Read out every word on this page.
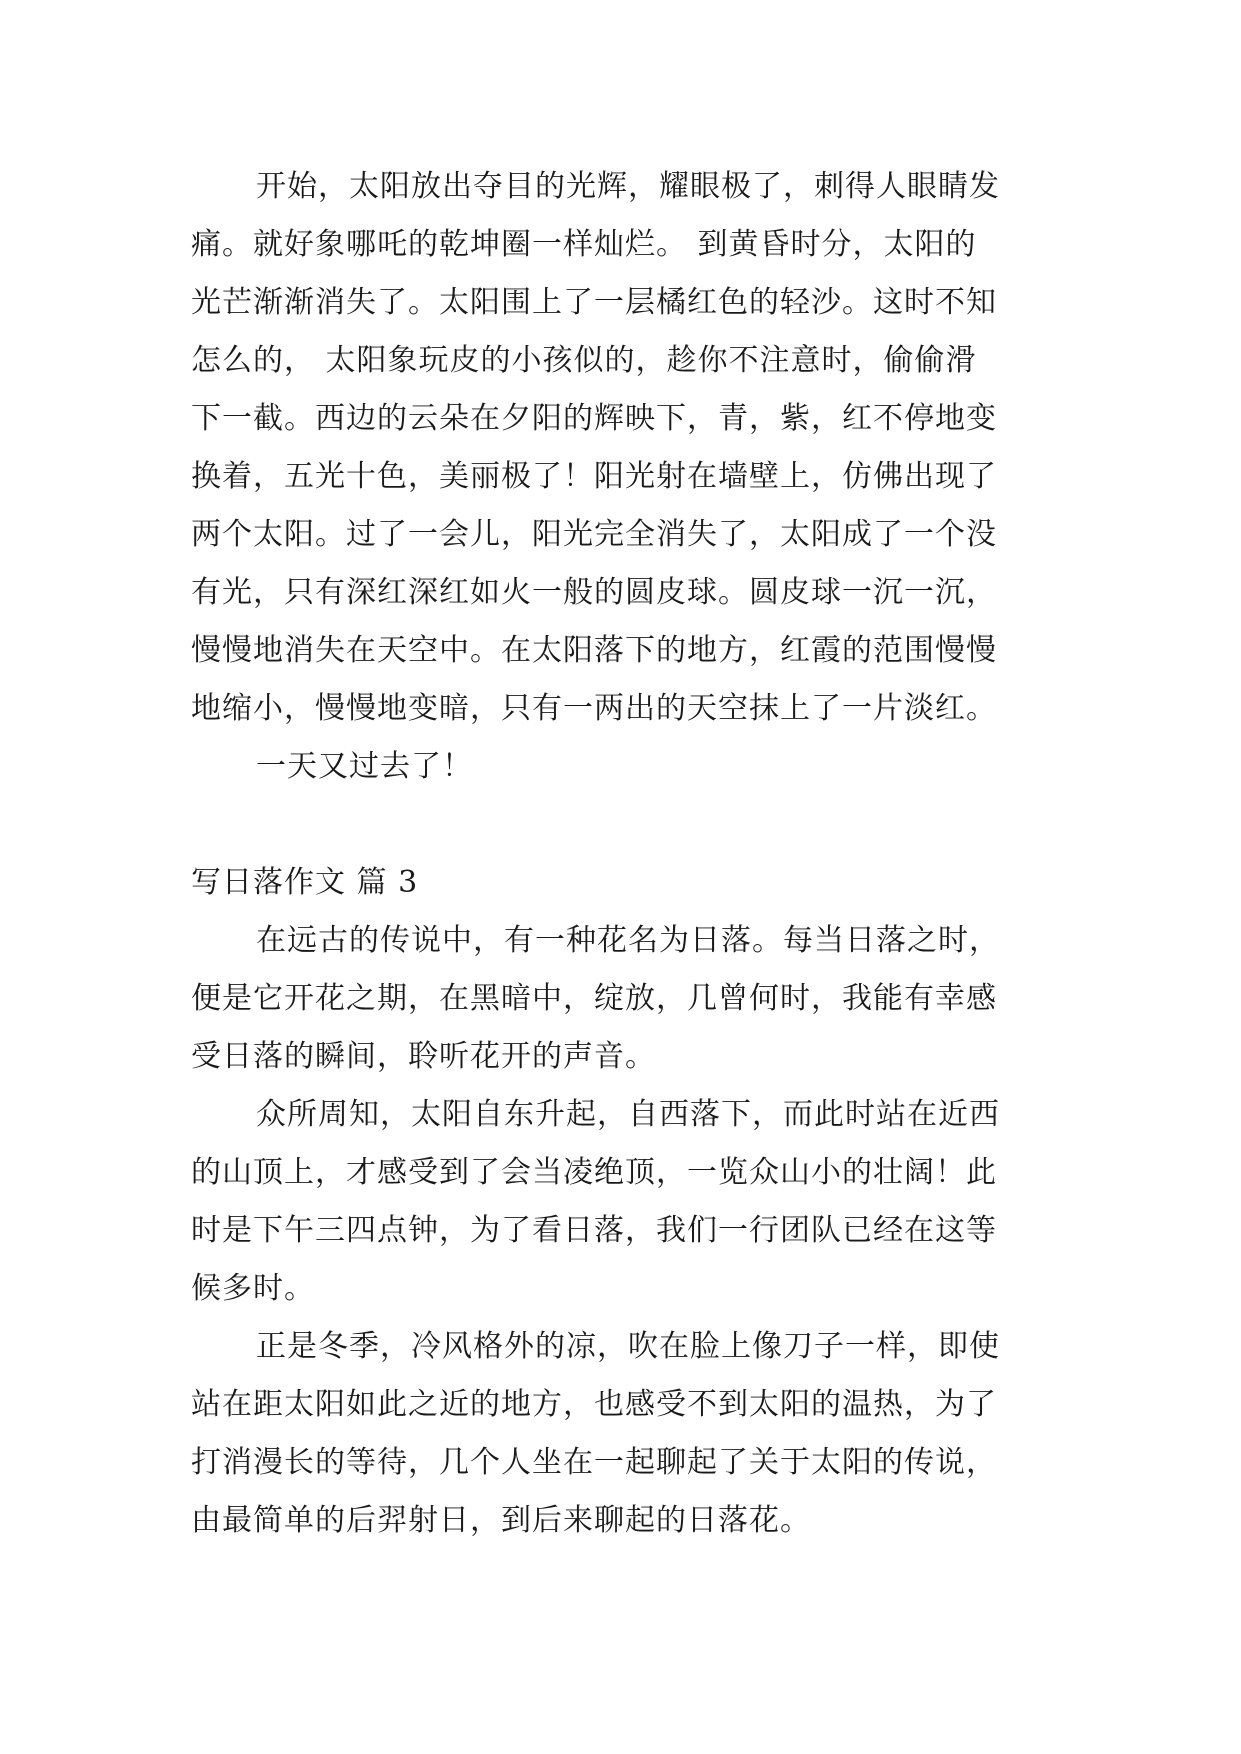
开始，太阳放出夺目的光辉，耀眼极了，刺得人眼睛发
痛。就好象哪吒的乾坤圈一样灿烂。 到黄昏时分，太阳的
光芒渐渐消失了。太阳围上了一层橘红色的轻沙。这时不知
怎么的， 太阳象玩皮的小孩似的，趁你不注意时，偷偷滑
下一截。西边的云朵在夕阳的辉映下，青，紫，红不停地变
换着，五光十色，美丽极了！阳光射在墙壁上，仿佛出现了
两个太阳。过了一会儿，阳光完全消失了，太阳成了一个没
有光，只有深红深红如火一般的圆皮球。圆皮球一沉一沉，
慢慢地消失在天空中。在太阳落下的地方，红霞的范围慢慢
地缩小，慢慢地变暗，只有一两出的天空抹上了一片淡红。
一天又过去了！
写日落作文 篇 3
在远古的传说中，有一种花名为日落。每当日落之时，
便是它开花之期，在黑暗中，绽放，几曾何时，我能有幸感
受日落的瞬间，聆听花开的声音。
众所周知，太阳自东升起，自西落下，而此时站在近西
的山顶上，才感受到了会当凌绝顶，一览众山小的壮阔！此
时是下午三四点钟，为了看日落，我们一行团队已经在这等
候多时。
正是冬季，冷风格外的凉，吹在脸上像刀子一样，即使
站在距太阳如此之近的地方，也感受不到太阳的温热，为了
打消漫长的等待，几个人坐在一起聊起了关于太阳的传说，
由最简单的后羿射日，到后来聊起的日落花。
